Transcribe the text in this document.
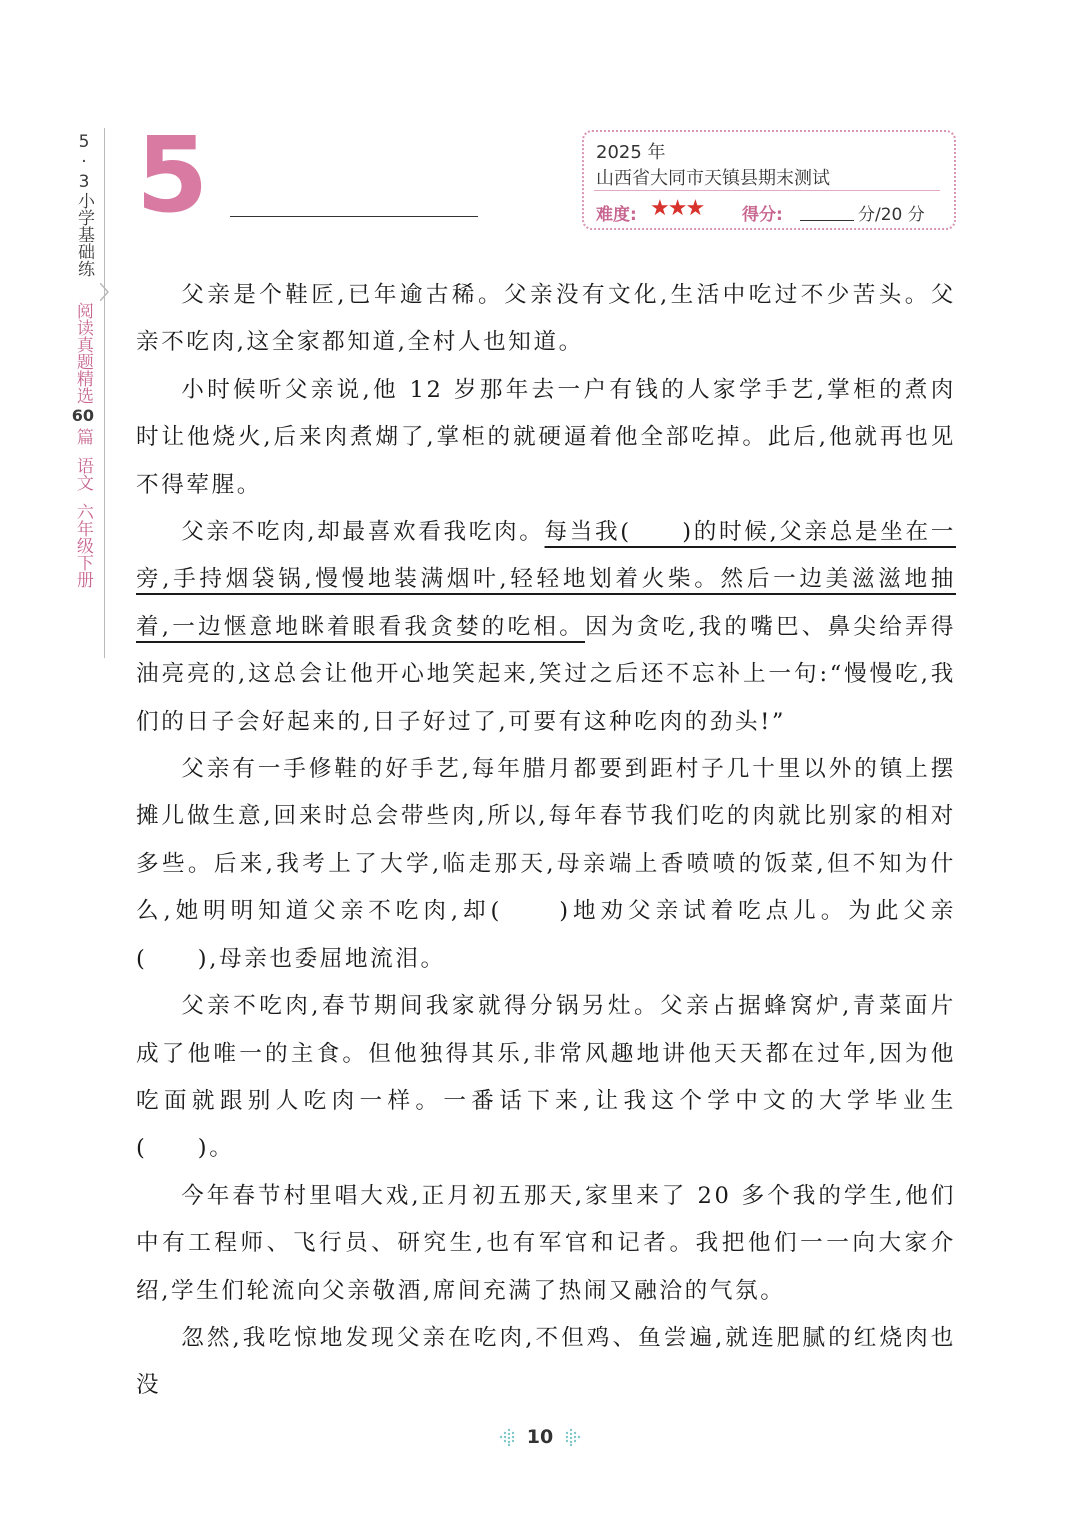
5·3小学基础练
阅读真题精选60篇语文六年级下册
5	2025 年
山西省大同市天镇县期末测试
难度: ★★★ 得分:	分/20 分

父亲是个鞋匠,已年逾古稀。父亲没有文化,生活中吃过不少苦头。父亲不吃肉,这全家都知道,全村人也知道。

小时候听父亲说,他 12 岁那年去一户有钱的人家学手艺,掌柜的煮肉时让他烧火,后来肉煮煳了,掌柜的就硬逼着他全部吃掉。此后,他就再也见不得荤腥。

父亲不吃肉,却最喜欢看我吃肉。每当我(　　)的时候,父亲总是坐在一旁,手持烟袋锅,慢慢地装满烟叶,轻轻地划着火柴。然后一边美滋滋地抽着,一边惬意地眯着眼看我贪婪的吃相。因为贪吃,我的嘴巴、鼻尖给弄得油亮亮的,这总会让他开心地笑起来,笑过之后还不忘补上一句:“慢慢吃,我们的日子会好起来的,日子好过了,可要有这种吃肉的劲头!”

父亲有一手修鞋的好手艺,每年腊月都要到距村子几十里以外的镇上摆摊儿做生意,回来时总会带些肉,所以,每年春节我们吃的肉就比别家的相对多些。后来,我考上了大学,临走那天,母亲端上香喷喷的饭菜,但不知为什么,她明明知道父亲不吃肉,却(　　)地劝父亲试着吃点儿。为此父亲(　　),母亲也委屈地流泪。

父亲不吃肉,春节期间我家就得分锅另灶。父亲占据蜂窝炉,青菜面片成了他唯一的主食。但他独得其乐,非常风趣地讲他天天都在过年,因为他吃面就跟别人吃肉一样。一番话下来,让我这个学中文的大学毕业生(　　)。

今年春节村里唱大戏,正月初五那天,家里来了 20 多个我的学生,他们中有工程师、飞行员、研究生,也有军官和记者。我把他们一一向大家介绍,学生们轮流向父亲敬酒,席间充满了热闹又融洽的气氛。

忽然,我吃惊地发现父亲在吃肉,不但鸡、鱼尝遍,就连肥腻的红烧肉也没

10
